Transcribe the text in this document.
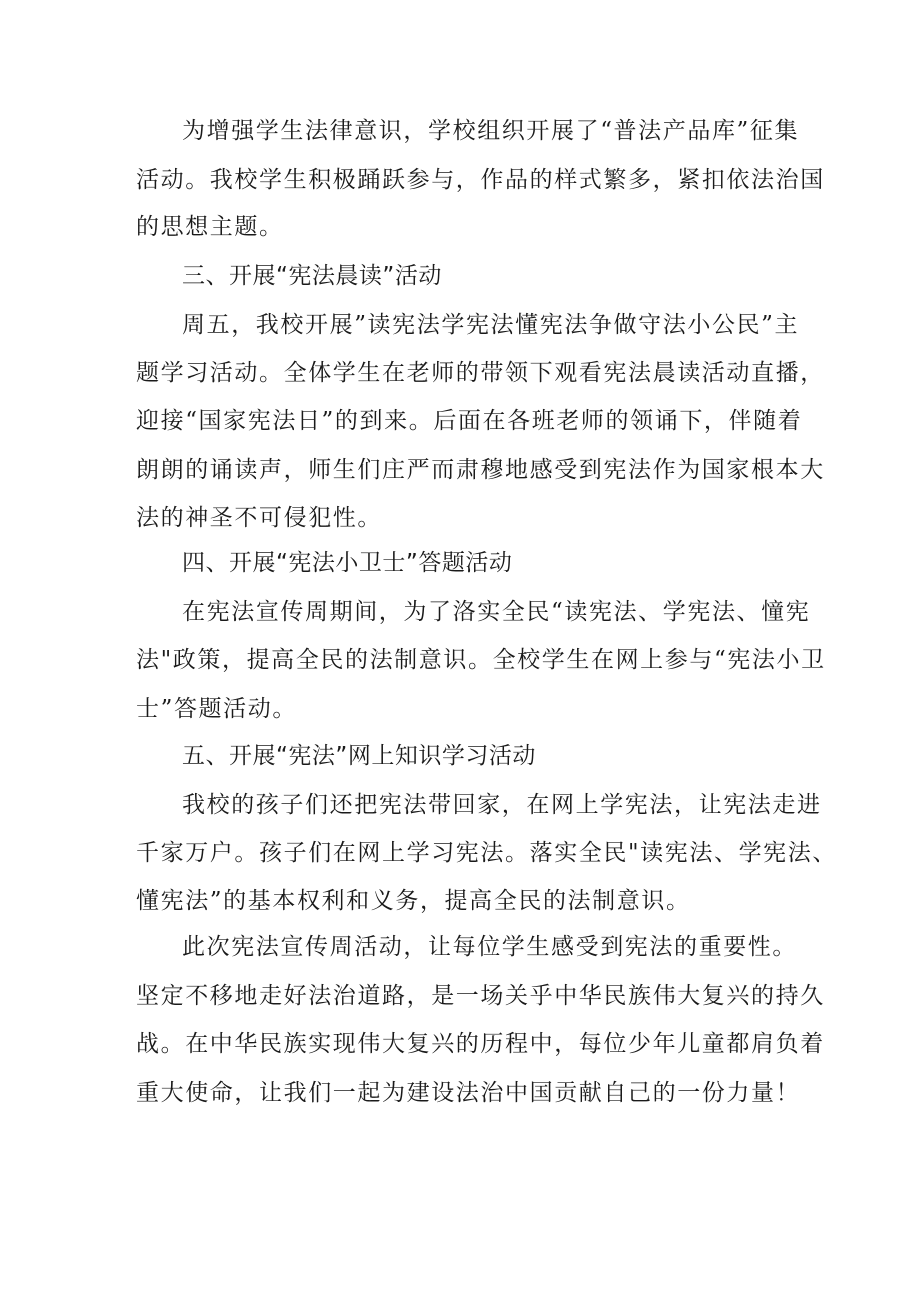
为增强学生法律意识，学校组织开展了“普法产品库”征集

活动。我校学生积极踊跃参与，作品的样式繁多，紧扣依法治国

的思想主题。

三、开展“宪法晨读”活动

周五，我校开展”读宪法学宪法懂宪法争做守法小公民”主

题学习活动。全体学生在老师的带领下观看宪法晨读活动直播，

迎接“国家宪法日”的到来。后面在各班老师的领诵下，伴随着

朗朗的诵读声，师生们庄严而肃穆地感受到宪法作为国家根本大

法的神圣不可侵犯性。

四、开展“宪法小卫士”答题活动

在宪法宣传周期间，为了洛实全民“读宪法、学宪法、憧宪

法"政策，提高全民的法制意识。全校学生在网上参与“宪法小卫

士”答题活动。

五、开展“宪法”网上知识学习活动

我校的孩子们还把宪法带回家，在网上学宪法，让宪法走进

千家万户。孩子们在网上学习宪法。落实全民"读宪法、学宪法、

懂宪法”的基本权利和义务，提高全民的法制意识。

此次宪法宣传周活动，让每位学生感受到宪法的重要性。

坚定不移地走好法治道路，是一场关乎中华民族伟大复兴的持久

战。在中华民族实现伟大复兴的历程中，每位少年儿童都肩负着

重大使命，让我们一起为建设法治中国贡献自己的一份力量！
